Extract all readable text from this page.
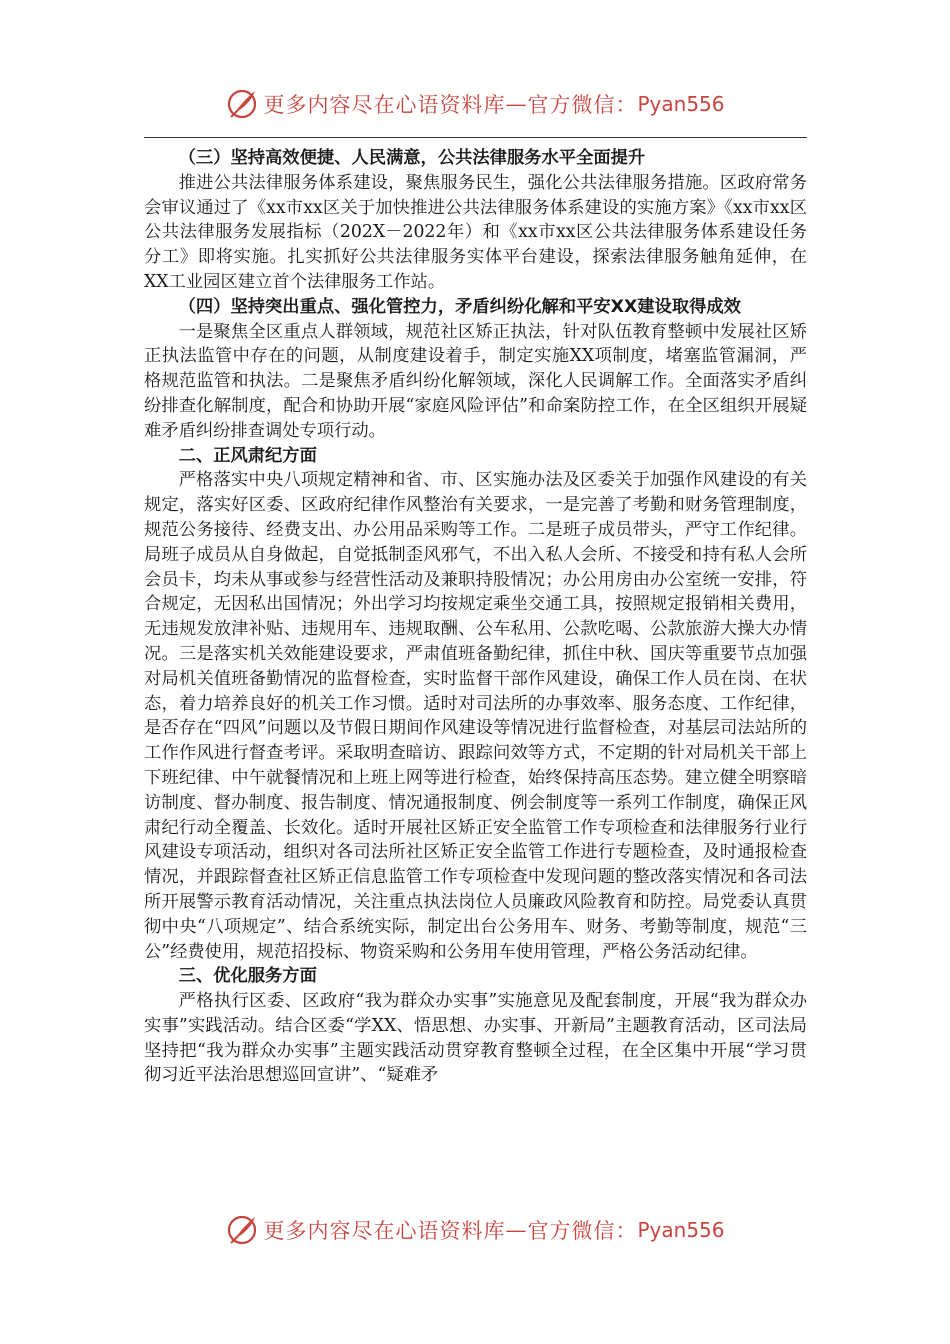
更多内容尽在心语资料库 — 官方微信： Pyan556
（三）坚持高效便捷、人民满意，公共法律服务水平全面提升

推进公共法律服务体系建设，聚焦服务民生，强化公共法律服务措施。区政府常务会审议通过了《xx市xx区关于加快推进公共法律服务体系建设的实施方案》《xx市xx区公共法律服务发展指标（202X－2022年）和《xx市xx区公共法律服务体系建设任务分工》即将实施。扎实抓好公共法律服务实体平台建设，探索法律服务触角延伸，在XX工业园区建立首个法律服务工作站。

（四）坚持突出重点、强化管控力，矛盾纠纷化解和平安XX建设取得成效

一是聚焦全区重点人群领域，规范社区矫正执法，针对队伍教育整顿中发展社区矫正执法监管中存在的问题，从制度建设着手，制定实施XX项制度，堵塞监管漏洞，严格规范监管和执法。二是聚焦矛盾纠纷化解领域，深化人民调解工作。全面落实矛盾纠纷排查化解制度，配合和协助开展“家庭风险评估”和命案防控工作，在全区组织开展疑难矛盾纠纷排查调处专项行动。

二、正风肃纪方面

严格落实中央八项规定精神和省、市、区实施办法及区委关于加强作风建设的有关规定，落实好区委、区政府纪律作风整治有关要求，一是完善了考勤和财务管理制度，规范公务接待、经费支出、办公用品采购等工作。二是班子成员带头，严守工作纪律。局班子成员从自身做起，自觉抵制歪风邪气，不出入私人会所、不接受和持有私人会所会员卡，均未从事或参与经营性活动及兼职持股情况；办公用房由办公室统一安排，符合规定，无因私出国情况；外出学习均按规定乘坐交通工具，按照规定报销相关费用，无违规发放津补贴、违规用车、违规取酬、公车私用、公款吃喝、公款旅游大操大办情况。三是落实机关效能建设要求，严肃值班备勤纪律，抓住中秋、国庆等重要节点加强对局机关值班备勤情况的监督检查，实时监督干部作风建设，确保工作人员在岗、在状态，着力培养良好的机关工作习惯。适时对司法所的办事效率、服务态度、工作纪律，是否存在“四风”问题以及节假日期间作风建设等情况进行监督检查，对基层司法站所的工作作风进行督查考评。采取明查暗访、跟踪问效等方式，不定期的针对局机关干部上下班纪律、中午就餐情况和上班上网等进行检查，始终保持高压态势。建立健全明察暗访制度、督办制度、报告制度、情况通报制度、例会制度等一系列工作制度，确保正风肃纪行动全覆盖、长效化。适时开展社区矫正安全监管工作专项检查和法律服务行业行风建设专项活动，组织对各司法所社区矫正安全监管工作进行专题检查，及时通报检查情况，并跟踪督查社区矫正信息监管工作专项检查中发现问题的整改落实情况和各司法所开展警示教育活动情况，关注重点执法岗位人员廉政风险教育和防控。局党委认真贯彻中央“八项规定”、结合系统实际，制定出台公务用车、财务、考勤等制度，规范“三公”经费使用，规范招投标、物资采购和公务用车使用管理，严格公务活动纪律。

三、优化服务方面

严格执行区委、区政府“我为群众办实事”实施意见及配套制度，开展“我为群众办实事”实践活动。结合区委“学XX、悟思想、办实事、开新局”主题教育活动，区司法局坚持把“我为群众办实事”主题实践活动贯穿教育整顿全过程，在全区集中开展“学习贯彻习近平法治思想巡回宣讲”、“疑难矛

更多内容尽在心语资料库 — 官方微信： Pyan556
